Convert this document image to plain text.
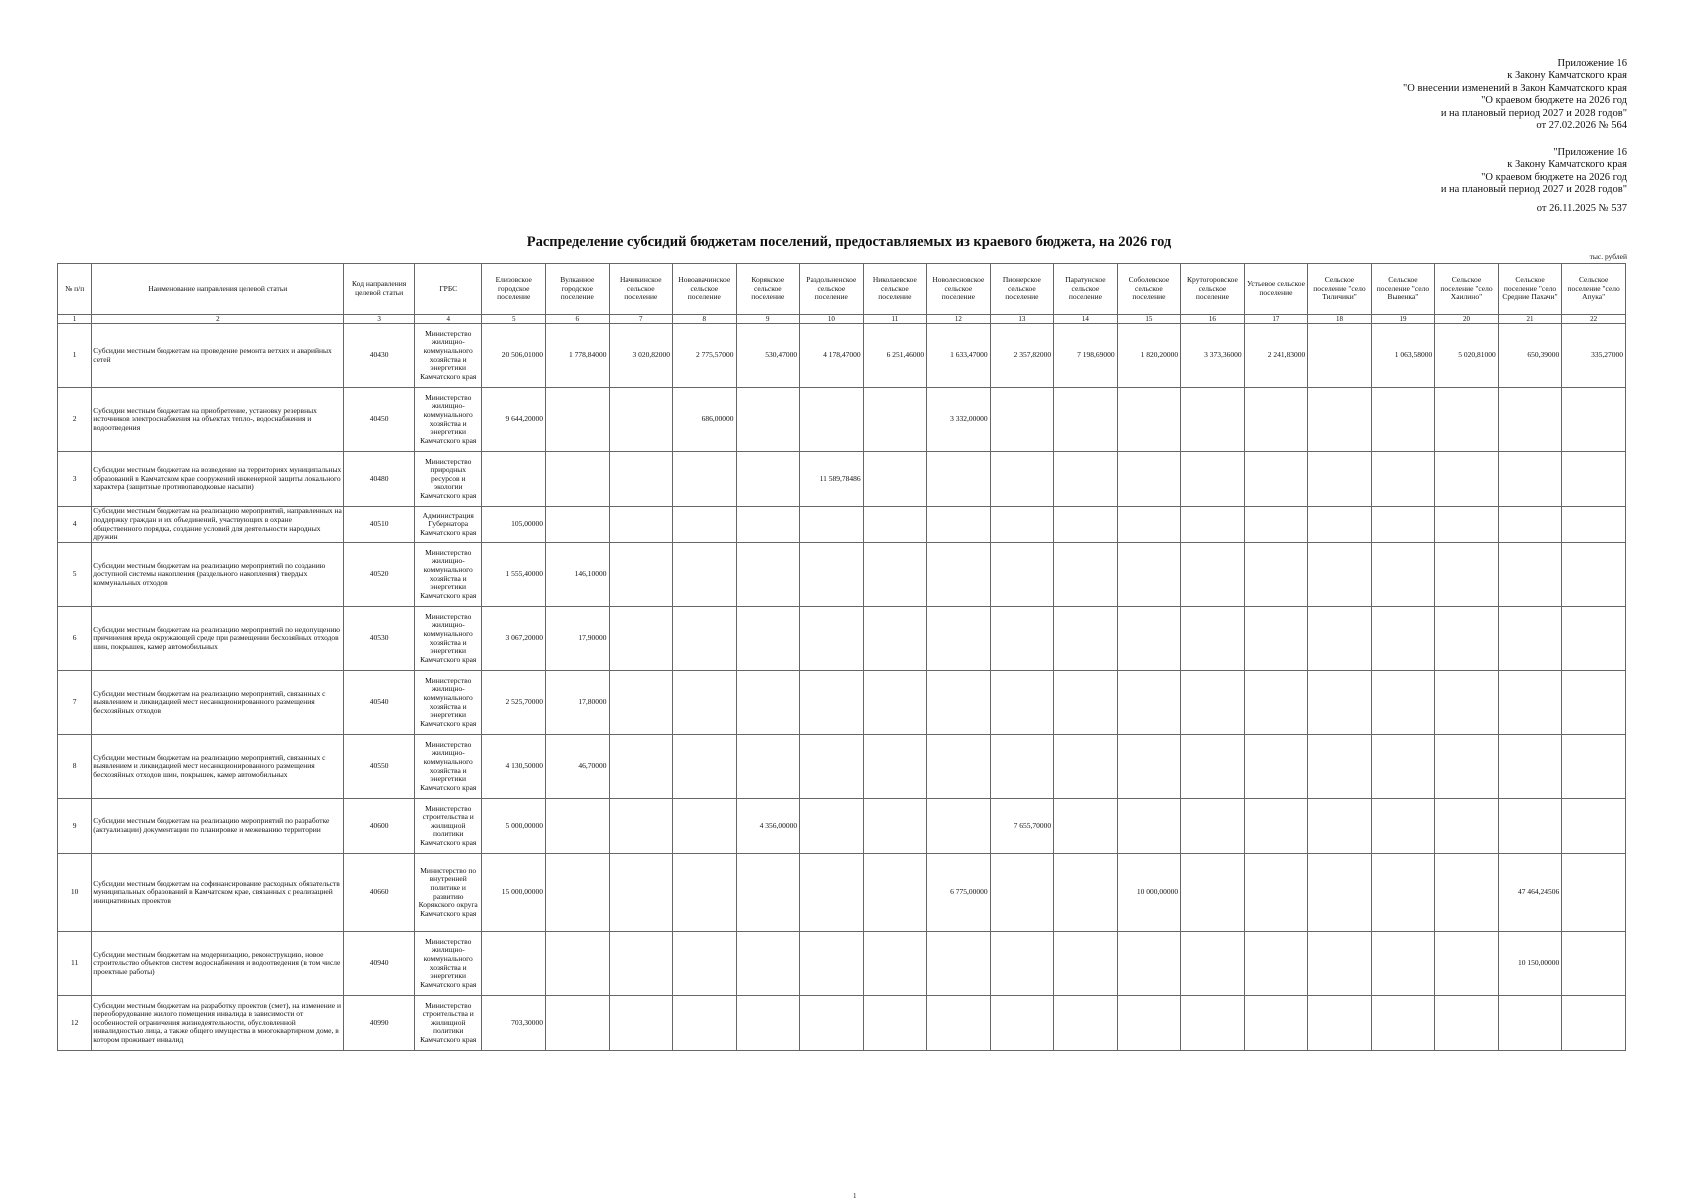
Приложение 16
к Закону Камчатского края
"О внесении изменений в Закон Камчатского края
"О краевом бюджете на 2026 год
и на плановый период 2027 и 2028 годов"
от 27.02.2026 № 564
"Приложение 16
к Закону Камчатского края
"О краевом бюджете на 2026 год
и на плановый период 2027 и 2028 годов"
от 26.11.2025 № 537
Распределение субсидий бюджетам поселений, предоставляемых из краевого бюджета, на 2026 год
тыс. рублей
№ п/п	Наименование направления целевой статьи	Код направления целевой статьи	ГРБС	Елизовское городское поселение	Вулканное городское поселение	Начикинское сельское поселение	Новоавачинское сельское поселение	Корякское сельское поселение	Раздольненское сельское поселение	Николаевское сельское поселение	Новолесновское сельское поселение	Пионерское сельское поселение	Паратунское сельское поселение	Соболевское сельское поселение	Крутогоровское сельское поселение	Устьевое сельское поселение	Сельское поселение "село Тиличики"	Сельское поселение "село Вывенка"	Сельское поселение "село Хаилино"	Сельское поселение "село Средние Пахачи"	Сельское поселение "село Апука"
1	2	3	4	5	6	7	8	9	10	11	12	13	14	15	16	17	18	19	20	21	22
1	Субсидии местным бюджетам на проведение ремонта ветхих и аварийных сетей	40430	Министерство жилищно-коммунального хозяйства и энергетики Камчатского края	20 506,01000	1 778,84000	3 020,82000	2 775,57000	530,47000	4 178,47000	6 251,46000	1 633,47000	2 357,82000	7 198,69000	1 820,20000	3 373,36000	2 241,83000		1 063,58000	5 020,81000	650,39000	335,27000
2	Субсидии местным бюджетам на приобретение, установку резервных источников электроснабжения на объектах тепло-, водоснабжения и водоотведения	40450	Министерство жилищно-коммунального хозяйства и энергетики Камчатского края	9 644,20000			686,00000				3 332,00000										
3	Субсидии местным бюджетам на возведение на территориях муниципальных образований в Камчатском крае сооружений инженерной защиты локального характера (защитные противопаводковые насыпи)	40480	Министерство природных ресурсов и экологии Камчатского края						11 589,78486												
4	Субсидии местным бюджетам на реализацию мероприятий, направленных на поддержку граждан и их объединений, участвующих в охране общественного порядка, создание условий для деятельности народных дружин	40510	Администрация Губернатора Камчатского края	105,00000																	
5	Субсидии местным бюджетам на реализацию мероприятий по созданию доступной системы накопления (раздельного накопления) твердых коммунальных отходов	40520	Министерство жилищно-коммунального хозяйства и энергетики Камчатского края	1 555,40000	146,10000																
6	Субсидии местным бюджетам на реализацию мероприятий по недопущению причинения вреда окружающей среде при размещении бесхозяйных отходов шин, покрышек, камер автомобильных	40530	Министерство жилищно-коммунального хозяйства и энергетики Камчатского края	3 067,20000	17,90000																
7	Субсидии местным бюджетам на реализацию мероприятий, связанных с выявлением и ликвидацией мест несанкционированного размещения бесхозяйных отходов	40540	Министерство жилищно-коммунального хозяйства и энергетики Камчатского края	2 525,70000	17,80000																
8	Субсидии местным бюджетам на реализацию мероприятий, связанных с выявлением и ликвидацией мест несанкционированного размещения бесхозяйных отходов шин, покрышек, камер автомобильных	40550	Министерство жилищно-коммунального хозяйства и энергетики Камчатского края	4 130,50000	46,70000																
9	Субсидии местным бюджетам на реализацию мероприятий по разработке (актуализации) документации по планировке и межеванию территории	40600	Министерство строительства и жилищной политики Камчатского края	5 000,00000				4 356,00000				7 655,70000									
10	Субсидии местным бюджетам на софинансирование расходных обязательств муниципальных образований в Камчатском крае, связанных с реализацией инициативных проектов	40660	Министерство по внутренней политике и развитию Корякского округа Камчатского края	15 000,00000							6 775,00000			10 000,00000						47 464,24506	
11	Субсидии местным бюджетам на модернизацию, реконструкцию, новое строительство объектов систем водоснабжения и водоотведения (в том числе проектные работы)	40940	Министерство жилищно-коммунального хозяйства и энергетики Камчатского края																	10 150,00000	
12	Субсидии местным бюджетам на разработку проектов (смет), на изменение и переоборудование жилого помещения инвалида в зависимости от особенностей ограничения жизнедеятельности, обусловленной инвалидностью лица, а также общего имущества в многоквартирном доме, в котором проживает инвалид	40990	Министерство строительства и жилищной политики Камчатского края	703,30000																	
1
